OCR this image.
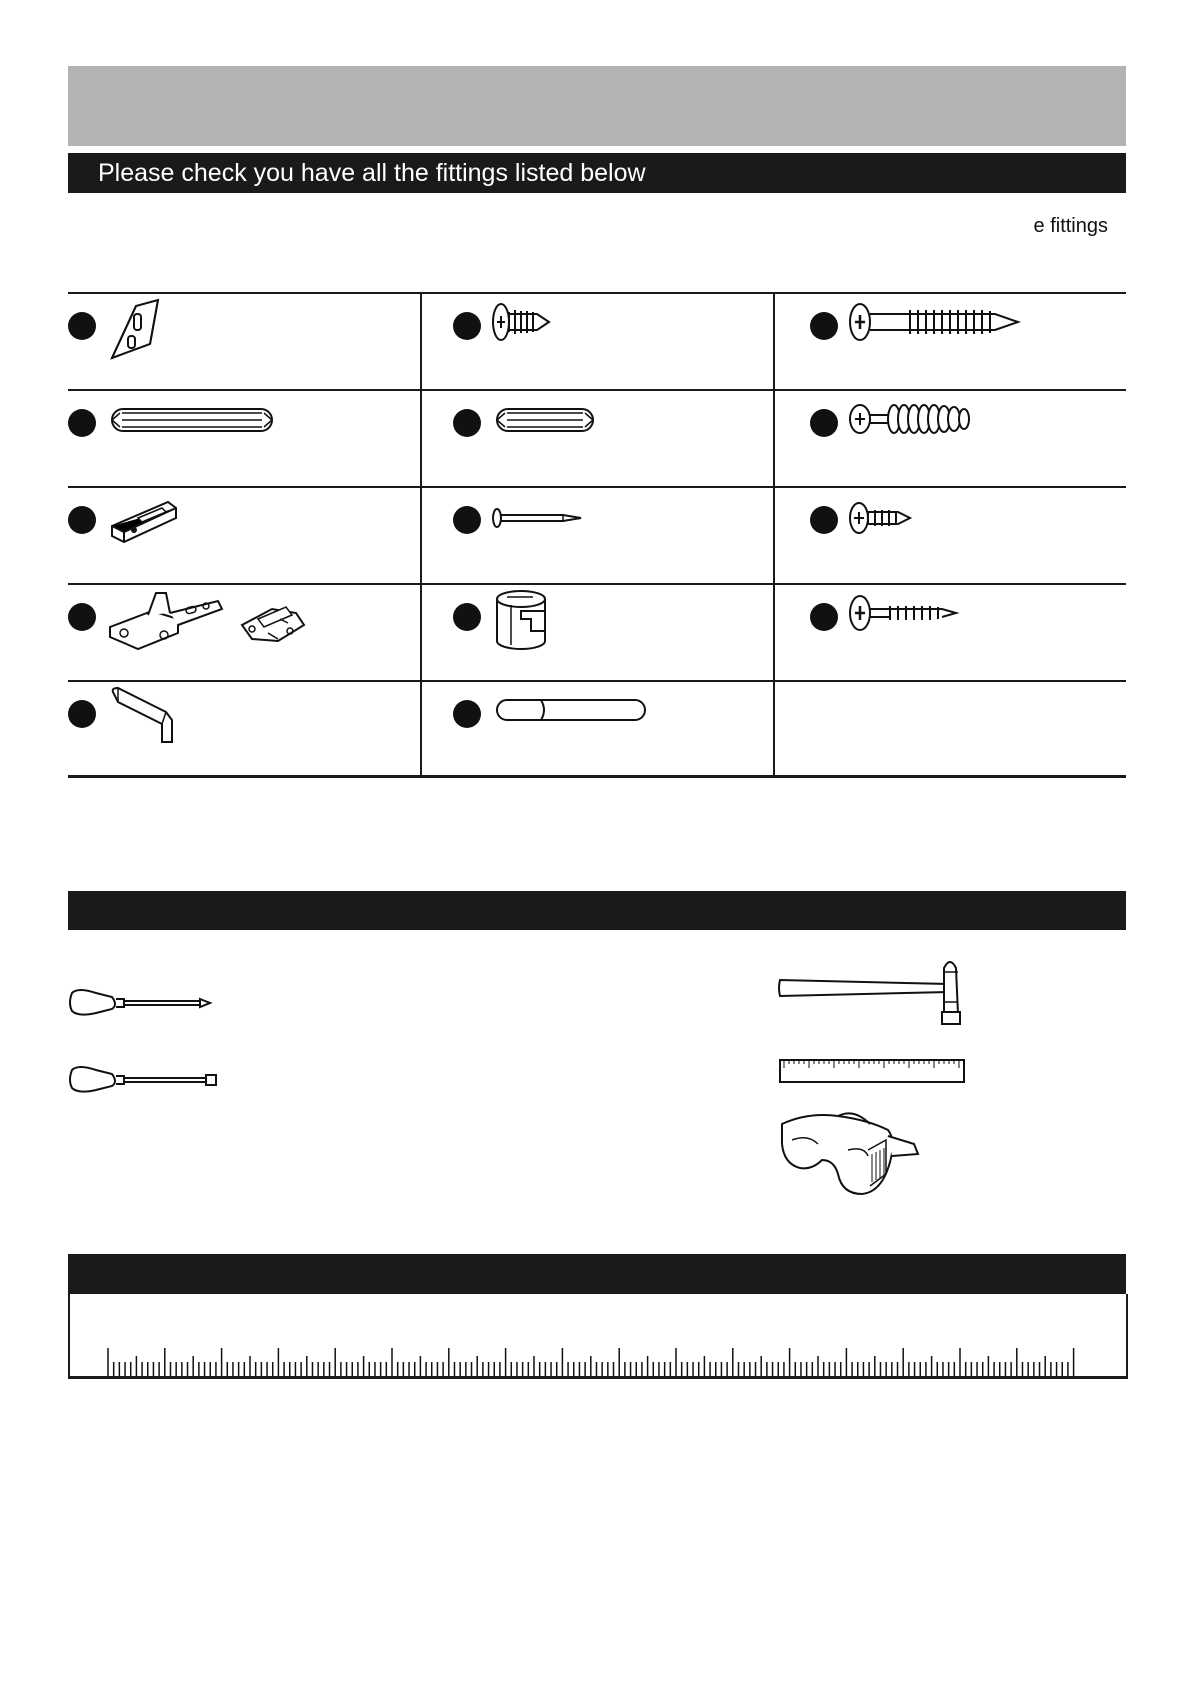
Please check you have all the fittings listed below
e fittings
